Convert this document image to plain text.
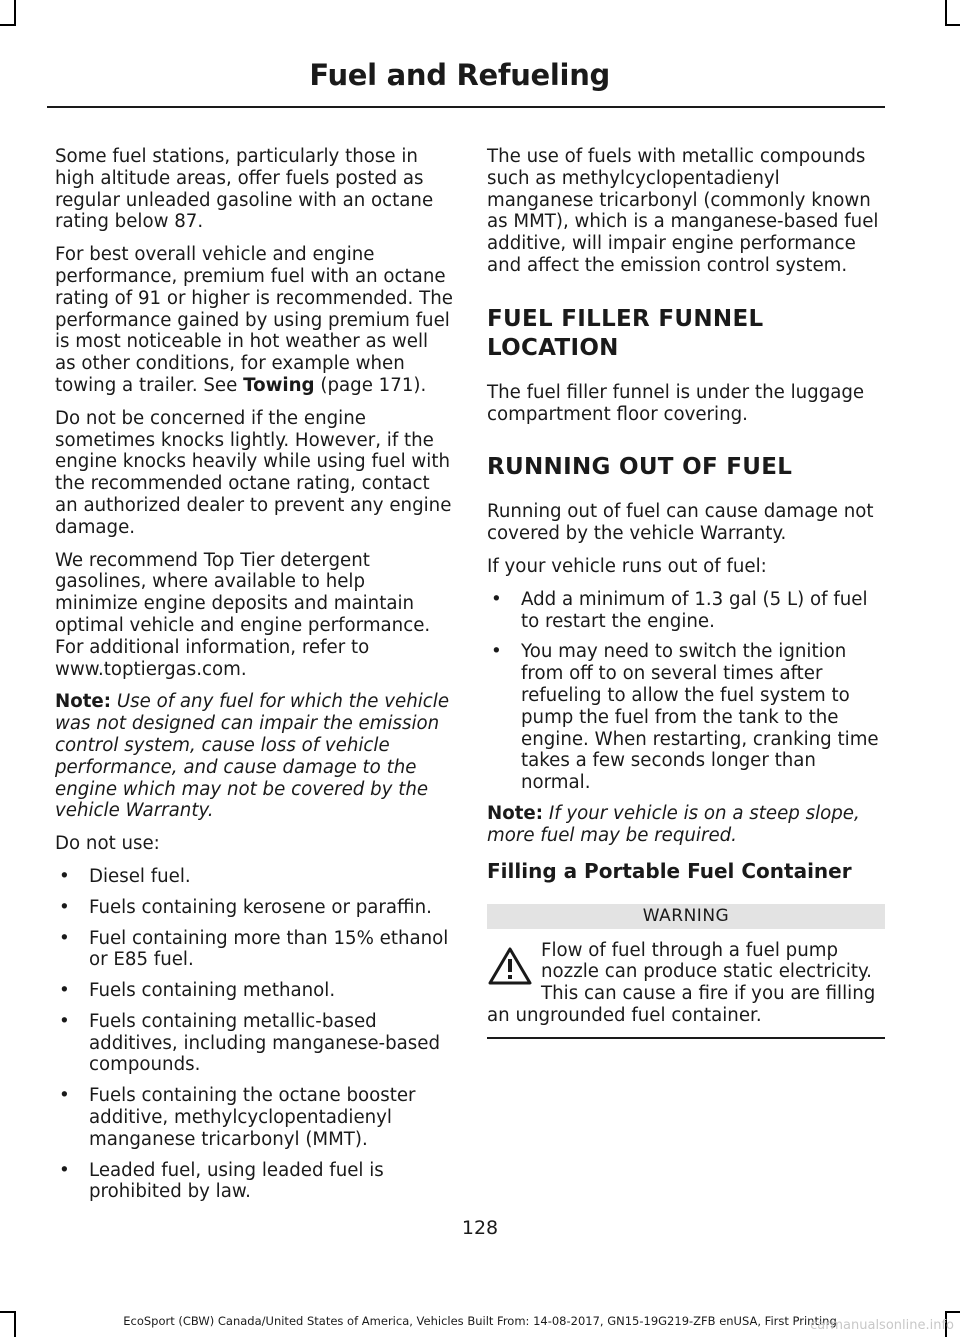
Fuel and Refueling

Some fuel stations, particularly those in high altitude areas, offer fuels posted as regular unleaded gasoline with an octane rating below 87.

For best overall vehicle and engine performance, premium fuel with an octane rating of 91 or higher is recommended. The performance gained by using premium fuel is most noticeable in hot weather as well as other conditions, for example when towing a trailer. See Towing (page 171).

Do not be concerned if the engine sometimes knocks lightly. However, if the engine knocks heavily while using fuel with the recommended octane rating, contact an authorized dealer to prevent any engine damage.

We recommend Top Tier detergent gasolines, where available to help minimize engine deposits and maintain optimal vehicle and engine performance. For additional information, refer to www.toptiergas.com.

Note: Use of any fuel for which the vehicle was not designed can impair the emission control system, cause loss of vehicle performance, and cause damage to the engine which may not be covered by the vehicle Warranty.

Do not use:

• Diesel fuel.
• Fuels containing kerosene or paraffin.
• Fuel containing more than 15% ethanol or E85 fuel.
• Fuels containing methanol.
• Fuels containing metallic-based additives, including manganese-based compounds.
• Fuels containing the octane booster additive, methylcyclopentadienyl manganese tricarbonyl (MMT).
• Leaded fuel, using leaded fuel is prohibited by law.

The use of fuels with metallic compounds such as methylcyclopentadienyl manganese tricarbonyl (commonly known as MMT), which is a manganese-based fuel additive, will impair engine performance and affect the emission control system.

FUEL FILLER FUNNEL LOCATION

The fuel filler funnel is under the luggage compartment floor covering.

RUNNING OUT OF FUEL

Running out of fuel can cause damage not covered by the vehicle Warranty.

If your vehicle runs out of fuel:

• Add a minimum of 1.3 gal (5 L) of fuel to restart the engine.
• You may need to switch the ignition from off to on several times after refueling to allow the fuel system to pump the fuel from the tank to the engine. When restarting, cranking time takes a few seconds longer than normal.

Note: If your vehicle is on a steep slope, more fuel may be required.

Filling a Portable Fuel Container
WARNING
Flow of fuel through a fuel pump
nozzle can produce static electricity.
This can cause a fire if you are filling
an ungrounded fuel container.

128

EcoSport (CBW) Canada/United States of America, Vehicles Built From: 14-08-2017, GN15-19G219-ZFB enUSA, First Printing

carmanualsonline.info
